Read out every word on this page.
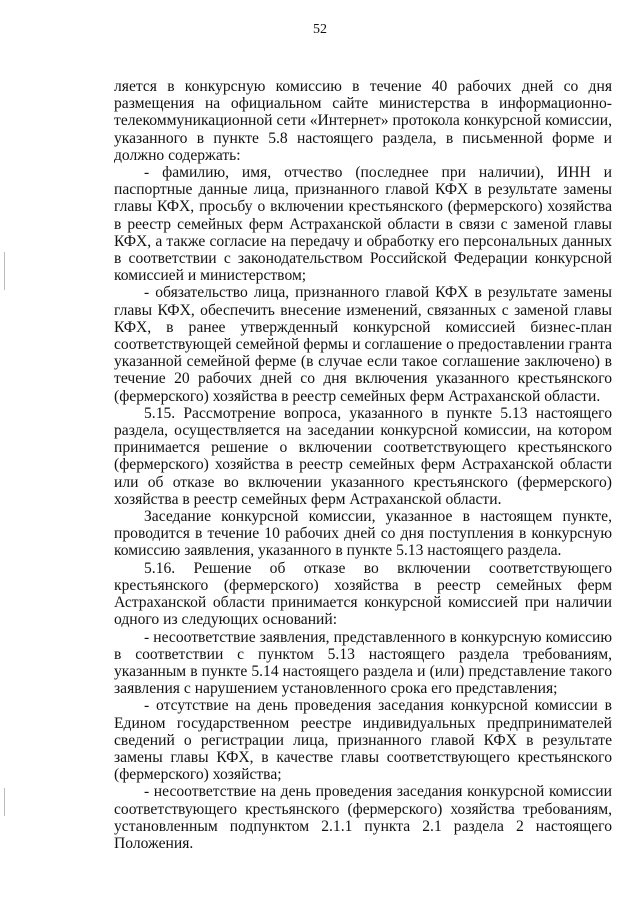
52

ляется в конкурсную комиссию в течение 40 рабочих дней со дня размещения на официальном сайте министерства в информационно-телекоммуникационной сети «Интернет» протокола конкурсной комиссии, указанного в пункте 5.8 настоящего раздела, в письменной форме и должно содержать:

- фамилию, имя, отчество (последнее при наличии), ИНН и паспортные данные лица, признанного главой КФХ в результате замены главы КФХ, просьбу о включении крестьянского (фермерского) хозяйства в реестр семейных ферм Астраханской области в связи с заменой главы КФХ, а также согласие на передачу и обработку его персональных данных в соответствии с законодательством Российской Федерации конкурсной комиссией и министерством;

- обязательство лица, признанного главой КФХ в результате замены главы КФХ, обеспечить внесение изменений, связанных с заменой главы КФХ, в ранее утвержденный конкурсной комиссией бизнес-план соответствующей семейной фермы и соглашение о предоставлении гранта указанной семейной ферме (в случае если такое соглашение заключено) в течение 20 рабочих дней со дня включения указанного крестьянского (фермерского) хозяйства в реестр семейных ферм Астраханской области.

5.15. Рассмотрение вопроса, указанного в пункте 5.13 настоящего раздела, осуществляется на заседании конкурсной комиссии, на котором принимается решение о включении соответствующего крестьянского (фермерского) хозяйства в реестр семейных ферм Астраханской области или об отказе во включении указанного крестьянского (фермерского) хозяйства в реестр семейных ферм Астраханской области.

Заседание конкурсной комиссии, указанное в настоящем пункте, проводится в течение 10 рабочих дней со дня поступления в конкурсную комиссию заявления, указанного в пункте 5.13 настоящего раздела.

5.16. Решение об отказе во включении соответствующего крестьянского (фермерского) хозяйства в реестр семейных ферм Астраханской области принимается конкурсной комиссией при наличии одного из следующих оснований:

- несоответствие заявления, представленного в конкурсную комиссию в соответствии с пунктом 5.13 настоящего раздела требованиям, указанным в пункте 5.14 настоящего раздела и (или) представление такого заявления с нарушением установленного срока его представления;

- отсутствие на день проведения заседания конкурсной комиссии в Едином государственном реестре индивидуальных предпринимателей сведений о регистрации лица, признанного главой КФХ в результате замены главы КФХ, в качестве главы соответствующего крестьянского (фермерского) хозяйства;

- несоответствие на день проведения заседания конкурсной комиссии соответствующего крестьянского (фермерского) хозяйства требованиям, установленным подпунктом 2.1.1 пункта 2.1 раздела 2 настоящего Положения.
